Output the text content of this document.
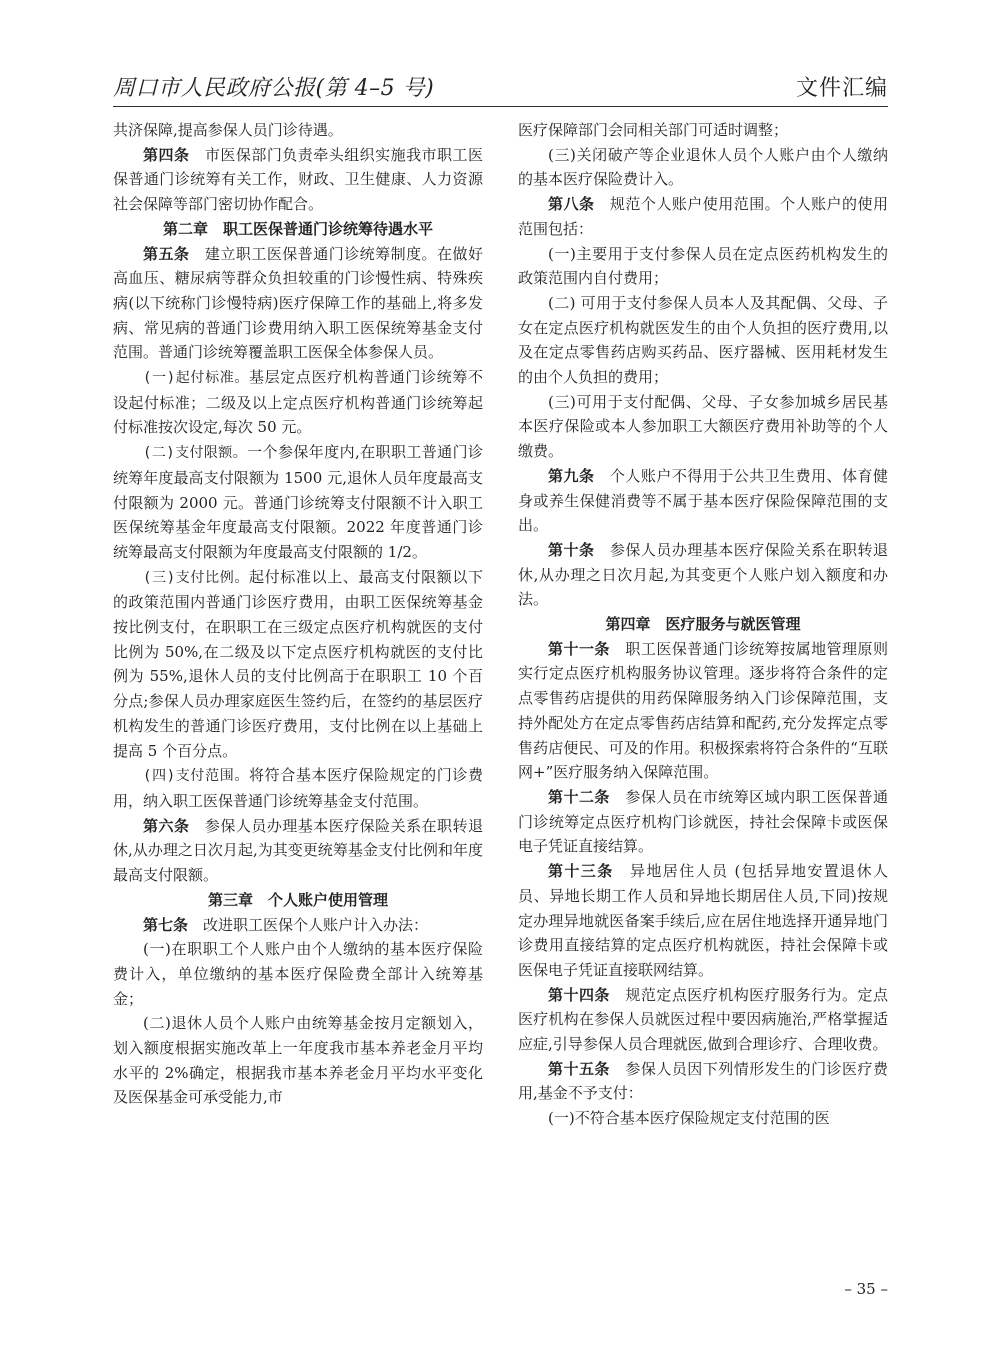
周口市人民政府公报(第 4–5 号)	文件汇编

共济保障,提高参保人员门诊待遇。

第四条　 市医保部门负责牵头组织实施我市职工医保普通门诊统筹有关工作，财政、卫生健康、人力资源社会保障等部门密切协作配合。

第二章　职工医保普通门诊统筹待遇水平

第五条　 建立职工医保普通门诊统筹制度。在做好高血压、糖尿病等群众负担较重的门诊慢性病、特殊疾病(以下统称门诊慢特病)医疗保障工作的基础上,将多发病、常见病的普通门诊费用纳入职工医保统筹基金支付范围。普通门诊统筹覆盖职工医保全体参保人员。

(一)起付标准。基层定点医疗机构普通门诊统筹不设起付标准；二级及以上定点医疗机构普通门诊统筹起付标准按次设定,每次 50 元。

(二)支付限额。一个参保年度内,在职职工普通门诊统筹年度最高支付限额为 1500 元,退休人员年度最高支付限额为 2000 元。普通门诊统筹支付限额不计入职工医保统筹基金年度最高支付限额。2022 年度普通门诊统筹最高支付限额为年度最高支付限额的 1/2。

(三)支付比例。起付标准以上、最高支付限额以下的政策范围内普通门诊医疗费用，由职工医保统筹基金按比例支付，在职职工在三级定点医疗机构就医的支付比例为 50%,在二级及以下定点医疗机构就医的支付比例为 55%,退休人员的支付比例高于在职职工 10 个百分点;参保人员办理家庭医生签约后，在签约的基层医疗机构发生的普通门诊医疗费用，支付比例在以上基础上提高 5 个百分点。

(四)支付范围。将符合基本医疗保险规定的门诊费用，纳入职工医保普通门诊统筹基金支付范围。

第六条　 参保人员办理基本医疗保险关系在职转退休,从办理之日次月起,为其变更统筹基金支付比例和年度最高支付限额。

第三章　个人账户使用管理

第七条　 改进职工医保个人账户计入办法：

(一)在职职工个人账户由个人缴纳的基本医疗保险费计入，单位缴纳的基本医疗保险费全部计入统筹基金；

(二)退休人员个人账户由统筹基金按月定额划入，划入额度根据实施改革上一年度我市基本养老金月平均水平的 2%确定，根据我市基本养老金月平均水平变化及医保基金可承受能力,市

医疗保障部门会同相关部门可适时调整；

(三)关闭破产等企业退休人员个人账户由个人缴纳的基本医疗保险费计入。

第八条　 规范个人账户使用范围。个人账户的使用范围包括：

(一)主要用于支付参保人员在定点医药机构发生的政策范围内自付费用；

(二) 可用于支付参保人员本人及其配偶、父母、子女在定点医疗机构就医发生的由个人负担的医疗费用,以及在定点零售药店购买药品、医疗器械、医用耗材发生的由个人负担的费用；

(三)可用于支付配偶、父母、子女参加城乡居民基本医疗保险或本人参加职工大额医疗费用补助等的个人缴费。

第九条　 个人账户不得用于公共卫生费用、体育健身或养生保健消费等不属于基本医疗保险保障范围的支出。

第十条　 参保人员办理基本医疗保险关系在职转退休,从办理之日次月起,为其变更个人账户划入额度和办法。

第四章　医疗服务与就医管理

第十一条　 职工医保普通门诊统筹按属地管理原则实行定点医疗机构服务协议管理。逐步将符合条件的定点零售药店提供的用药保障服务纳入门诊保障范围，支持外配处方在定点零售药店结算和配药,充分发挥定点零售药店便民、可及的作用。积极探索将符合条件的“互联网+”医疗服务纳入保障范围。

第十二条　 参保人员在市统筹区域内职工医保普通门诊统筹定点医疗机构门诊就医，持社会保障卡或医保电子凭证直接结算。

第十三条　 异地居住人员 (包括异地安置退休人员、异地长期工作人员和异地长期居住人员,下同)按规定办理异地就医备案手续后,应在居住地选择开通异地门诊费用直接结算的定点医疗机构就医，持社会保障卡或医保电子凭证直接联网结算。

第十四条　 规范定点医疗机构医疗服务行为。定点医疗机构在参保人员就医过程中要因病施治,严格掌握适应症,引导参保人员合理就医,做到合理诊疗、合理收费。

第十五条　 参保人员因下列情形发生的门诊医疗费用,基金不予支付：

(一)不符合基本医疗保险规定支付范围的医

– 35 –
